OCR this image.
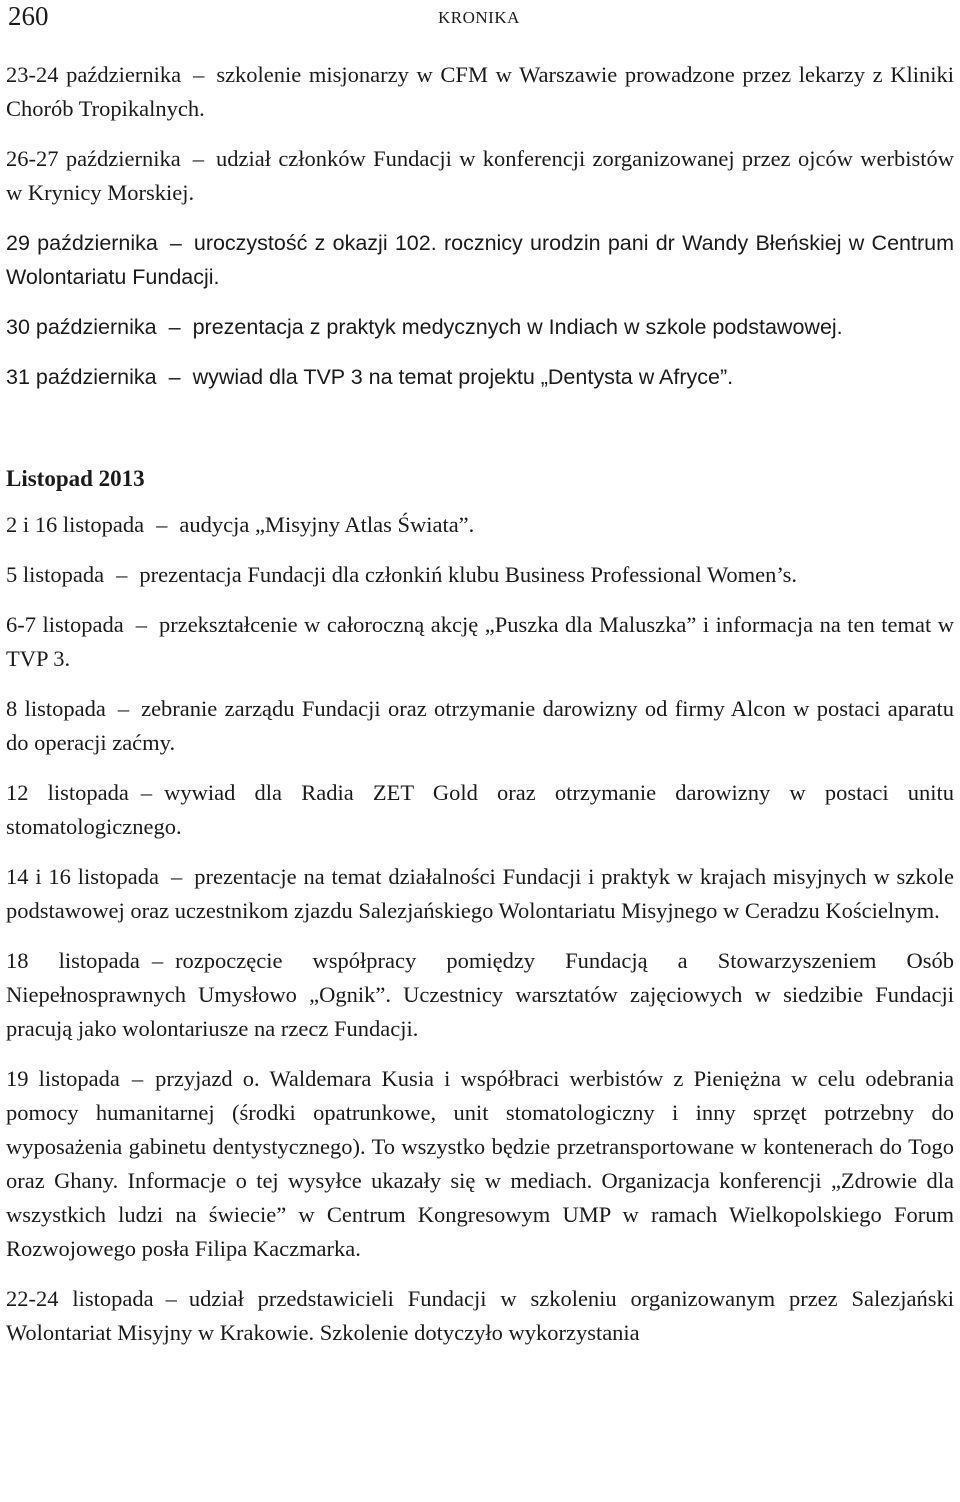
260	KRONIKA

23-24 października – szkolenie misjonarzy w CFM w Warszawie prowadzone przez lekarzy z Kliniki Chorób Tropikalnych.

26-27 października – udział członków Fundacji w konferencji zorganizowanej przez ojców werbistów w Krynicy Morskiej.

29 października – uroczystość z okazji 102. rocznicy urodzin pani dr Wandy Błeńskiej w Centrum Wolontariatu Fundacji.

30 października – prezentacja z praktyk medycznych w Indiach w szkole podstawowej.

31 października – wywiad dla TVP 3 na temat projektu „Dentysta w Afryce”.

Listopad 2013

2 i 16 listopada – audycja „Misyjny Atlas Świata”.

5 listopada – prezentacja Fundacji dla członkiń klubu Business Professional Women’s.

6-7 listopada – przekształcenie w całoroczną akcję „Puszka dla Maluszka” i informacja na ten temat w TVP 3.

8 listopada – zebranie zarządu Fundacji oraz otrzymanie darowizny od firmy Alcon w postaci aparatu do operacji zaćmy.

12 listopada – wywiad dla Radia ZET Gold oraz otrzymanie darowizny w postaci unitu stomatologicznego.

14 i 16 listopada – prezentacje na temat działalności Fundacji i praktyk w krajach misyjnych w szkole podstawowej oraz uczestnikom zjazdu Salezjańskiego Wolontariatu Misyjnego w Ceradzu Kościelnym.

18 listopada – rozpoczęcie współpracy pomiędzy Fundacją a Stowarzyszeniem Osób Niepełnosprawnych Umysłowo „Ognik”. Uczestnicy warsztatów zajęciowych w siedzibie Fundacji pracują jako wolontariusze na rzecz Fundacji.

19 listopada – przyjazd o. Waldemara Kusia i współbraci werbistów z Pieniężna w celu odebrania pomocy humanitarnej (środki opatrunkowe, unit stomatologiczny i inny sprzęt potrzebny do wyposażenia gabinetu dentystycznego). To wszystko będzie przetransportowane w kontenerach do Togo oraz Ghany. Informacje o tej wysyłce ukazały się w mediach. Organizacja konferencji „Zdrowie dla wszystkich ludzi na świecie” w Centrum Kongresowym UMP w ramach Wielkopolskiego Forum Rozwojowego posła Filipa Kaczmarka.

22-24 listopada – udział przedstawicieli Fundacji w szkoleniu organizowanym przez Salezjański Wolontariat Misyjny w Krakowie. Szkolenie dotyczyło wykorzystania
